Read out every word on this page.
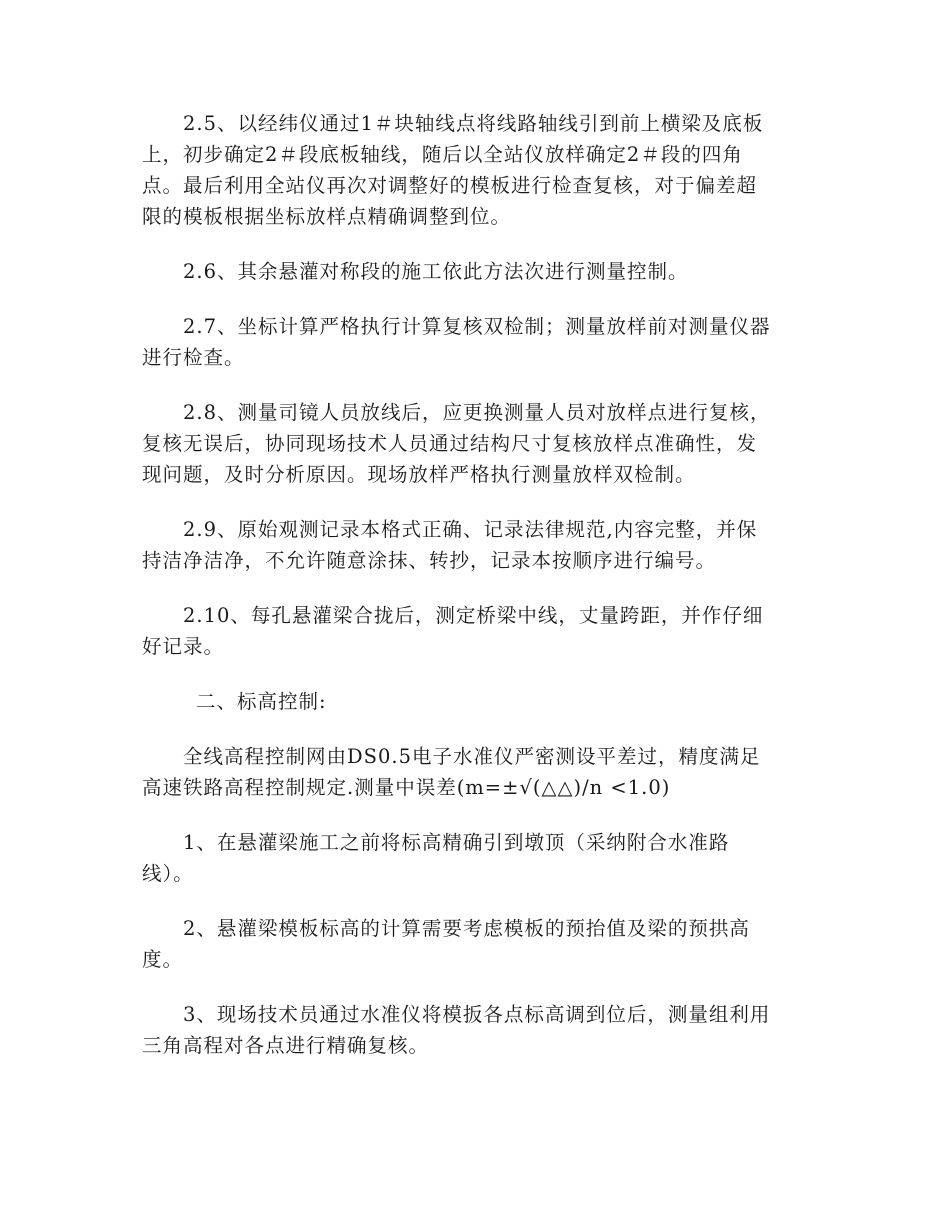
2.5、以经纬仪通过1＃块轴线点将线路轴线引到前上横梁及底板
上，初步确定2＃段底板轴线，随后以全站仪放样确定2＃段的四角
点。最后利用全站仪再次对调整好的模板进行检查复核，对于偏差超
限的模板根据坐标放样点精确调整到位。

2.6、其余悬灌对称段的施工依此方法次进行测量控制。

2.7、坐标计算严格执行计算复核双检制；测量放样前对测量仪器
进行检查。

2.8、测量司镜人员放线后，应更换测量人员对放样点进行复核，
复核无误后，协同现场技术人员通过结构尺寸复核放样点准确性，发
现问题，及时分析原因。现场放样严格执行测量放样双检制。

2.9、原始观测记录本格式正确、记录法律规范,内容完整，并保
持洁净洁净，不允许随意涂抹、转抄，记录本按顺序进行编号。

2.10、每孔悬灌梁合拢后，测定桥梁中线，丈量跨距，并作仔细
好记录。

二、标高控制:

全线高程控制网由DS0.5电子水准仪严密测设平差过，精度满足
高速铁路高程控制规定.测量中误差(m=±√(△△)/n <1.0)

1、在悬灌梁施工之前将标高精确引到墩顶（采纳附合水准路
线）。

2、悬灌梁模板标高的计算需要考虑模板的预抬值及梁的预拱高
度。

3、现场技术员通过水准仪将模扳各点标高调到位后，测量组利用
三角高程对各点进行精确复核。
